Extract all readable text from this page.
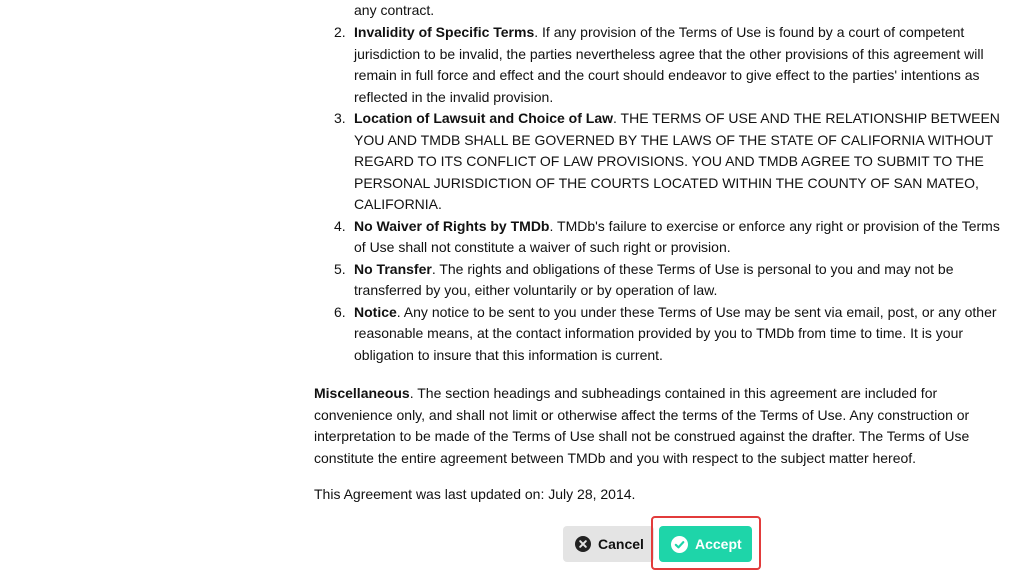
any contract.
2. Invalidity of Specific Terms. If any provision of the Terms of Use is found by a court of competent jurisdiction to be invalid, the parties nevertheless agree that the other provisions of this agreement will remain in full force and effect and the court should endeavor to give effect to the parties' intentions as reflected in the invalid provision.
3. Location of Lawsuit and Choice of Law. THE TERMS OF USE AND THE RELATIONSHIP BETWEEN YOU AND TMDB SHALL BE GOVERNED BY THE LAWS OF THE STATE OF CALIFORNIA WITHOUT REGARD TO ITS CONFLICT OF LAW PROVISIONS. YOU AND TMDB AGREE TO SUBMIT TO THE PERSONAL JURISDICTION OF THE COURTS LOCATED WITHIN THE COUNTY OF SAN MATEO, CALIFORNIA.
4. No Waiver of Rights by TMDb. TMDb's failure to exercise or enforce any right or provision of the Terms of Use shall not constitute a waiver of such right or provision.
5. No Transfer. The rights and obligations of these Terms of Use is personal to you and may not be transferred by you, either voluntarily or by operation of law.
6. Notice. Any notice to be sent to you under these Terms of Use may be sent via email, post, or any other reasonable means, at the contact information provided by you to TMDb from time to time. It is your obligation to insure that this information is current.

Miscellaneous. The section headings and subheadings contained in this agreement are included for convenience only, and shall not limit or otherwise affect the terms of the Terms of Use. Any construction or interpretation to be made of the Terms of Use shall not be construed against the drafter. The Terms of Use constitute the entire agreement between TMDb and you with respect to the subject matter hereof.

This Agreement was last updated on: July 28, 2014.

Cancel	Accept
